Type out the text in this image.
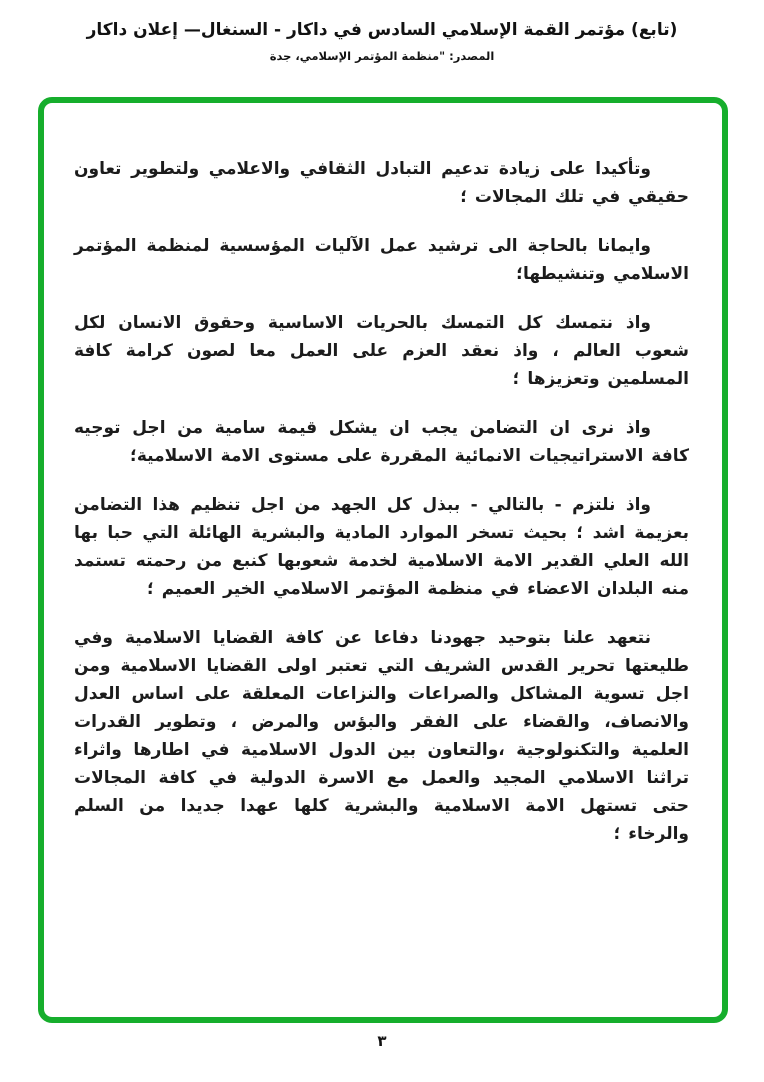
(تابع) مؤتمر القمة الإسلامي السادس في داكار - السنغال— إعلان داكار
المصدر: "منظمة المؤتمر الإسلامي، جدة

وتأكيدا على زيادة تدعيم التبادل الثقافي والاعلامي ولتطوير تعاون حقيقي في تلك المجالات ؛

وايمانا بالحاجة الى ترشيد عمل الآليات المؤسسية لمنظمة المؤتمر الاسلامي وتنشيطها؛

واذ نتمسك كل التمسك بالحريات الاساسية وحقوق الانسان لكل شعوب العالم ، واذ نعقد العزم على العمل معا لصون كرامة كافة المسلمين وتعزيزها ؛

واذ نرى ان التضامن يجب ان يشكل قيمة سامية من اجل توجيه كافة الاستراتيجيات الانمائية المقررة على مستوى الامة الاسلامية؛

واذ نلتزم - بالتالي - ببذل كل الجهد من اجل تنظيم هذا التضامن بعزيمة اشد ؛ بحيث تسخر الموارد المادية والبشرية الهائلة التي حبا بها الله العلي القدير الامة الاسلامية لخدمة شعوبها كنبع من رحمته تستمد منه البلدان الاعضاء في منظمة المؤتمر الاسلامي الخير العميم ؛

نتعهد علنا بتوحيد جهودنا دفاعا عن كافة القضايا الاسلامية وفي طليعتها تحرير القدس الشريف التي تعتبر اولى القضايا الاسلامية ومن اجل تسوية المشاكل والصراعات والنزاعات المعلقة على اساس العدل والانصاف، والقضاء على الفقر والبؤس والمرض ، وتطوير القدرات العلمية والتكنولوجية ،والتعاون بين الدول الاسلامية في اطارها واثراء تراثنا الاسلامي المجيد والعمل مع الاسرة الدولية في كافة المجالات حتى تستهل الامة الاسلامية والبشرية كلها عهدا جديدا من السلم والرخاء ؛

٣
